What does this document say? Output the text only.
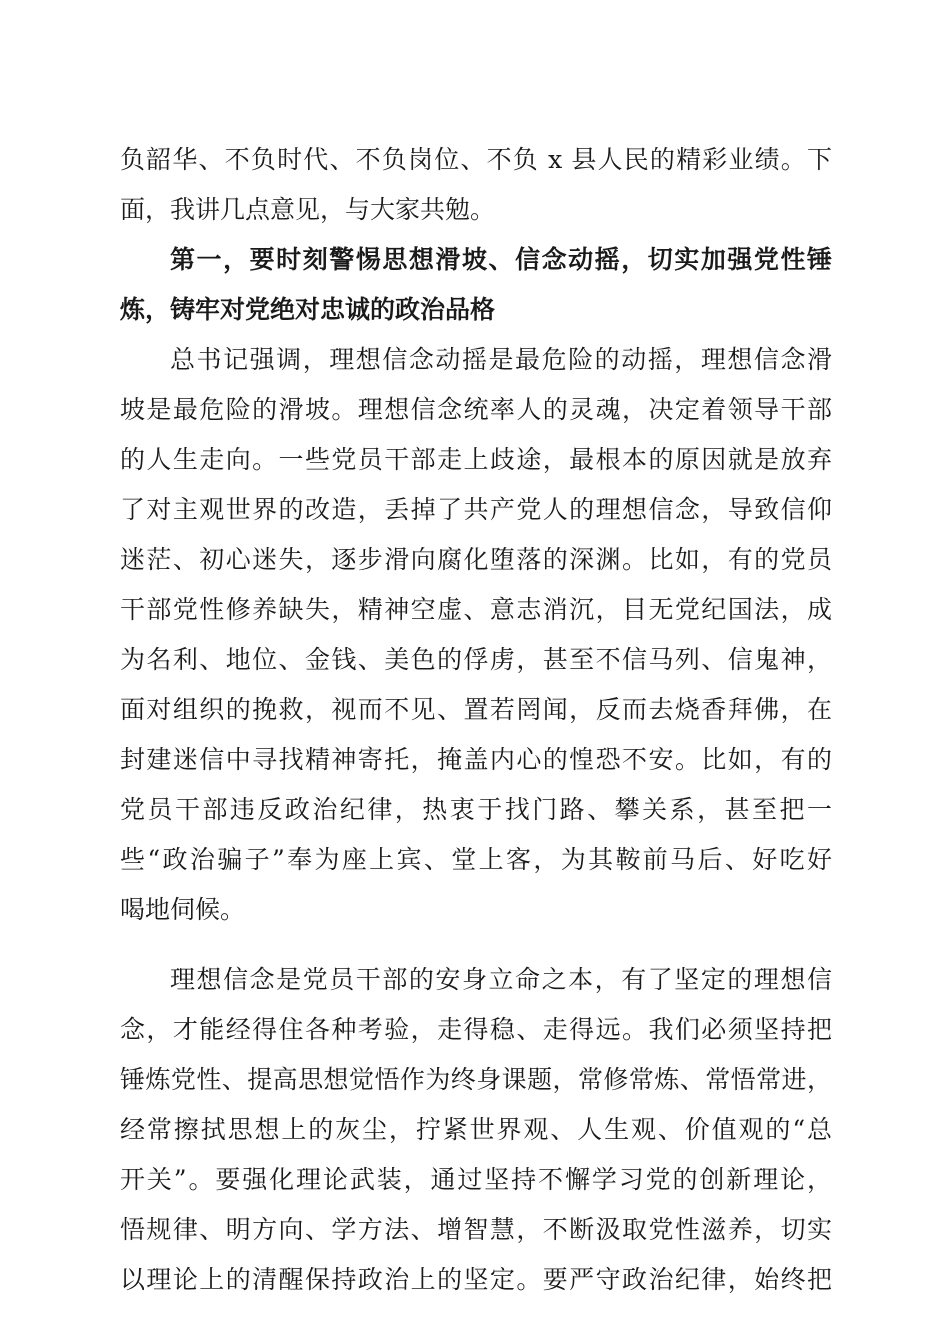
负韶华、不负时代、不负岗位、不负 x 县人民的精彩业绩。下
面，我讲几点意见，与大家共勉。
第一，要时刻警惕思想滑坡、信念动摇，切实加强党性锤
炼，铸牢对党绝对忠诚的政治品格
总书记强调，理想信念动摇是最危险的动摇，理想信念滑
坡是最危险的滑坡。理想信念统率人的灵魂，决定着领导干部
的人生走向。一些党员干部走上歧途，最根本的原因就是放弃
了对主观世界的改造，丢掉了共产党人的理想信念，导致信仰
迷茫、初心迷失，逐步滑向腐化堕落的深渊。比如，有的党员
干部党性修养缺失，精神空虚、意志消沉，目无党纪国法，成
为名利、地位、金钱、美色的俘虏，甚至不信马列、信鬼神，
面对组织的挽救，视而不见、置若罔闻，反而去烧香拜佛，在
封建迷信中寻找精神寄托，掩盖内心的惶恐不安。比如，有的
党员干部违反政治纪律，热衷于找门路、攀关系，甚至把一
些“政治骗子”奉为座上宾、堂上客，为其鞍前马后、好吃好
喝地伺候。
理想信念是党员干部的安身立命之本，有了坚定的理想信
念，才能经得住各种考验，走得稳、走得远。我们必须坚持把
锤炼党性、提高思想觉悟作为终身课题，常修常炼、常悟常进，
经常擦拭思想上的灰尘，拧紧世界观、人生观、价值观的“总
开关”。要强化理论武装，通过坚持不懈学习党的创新理论，
悟规律、明方向、学方法、增智慧，不断汲取党性滋养，切实
以理论上的清醒保持政治上的坚定。要严守政治纪律，始终把
